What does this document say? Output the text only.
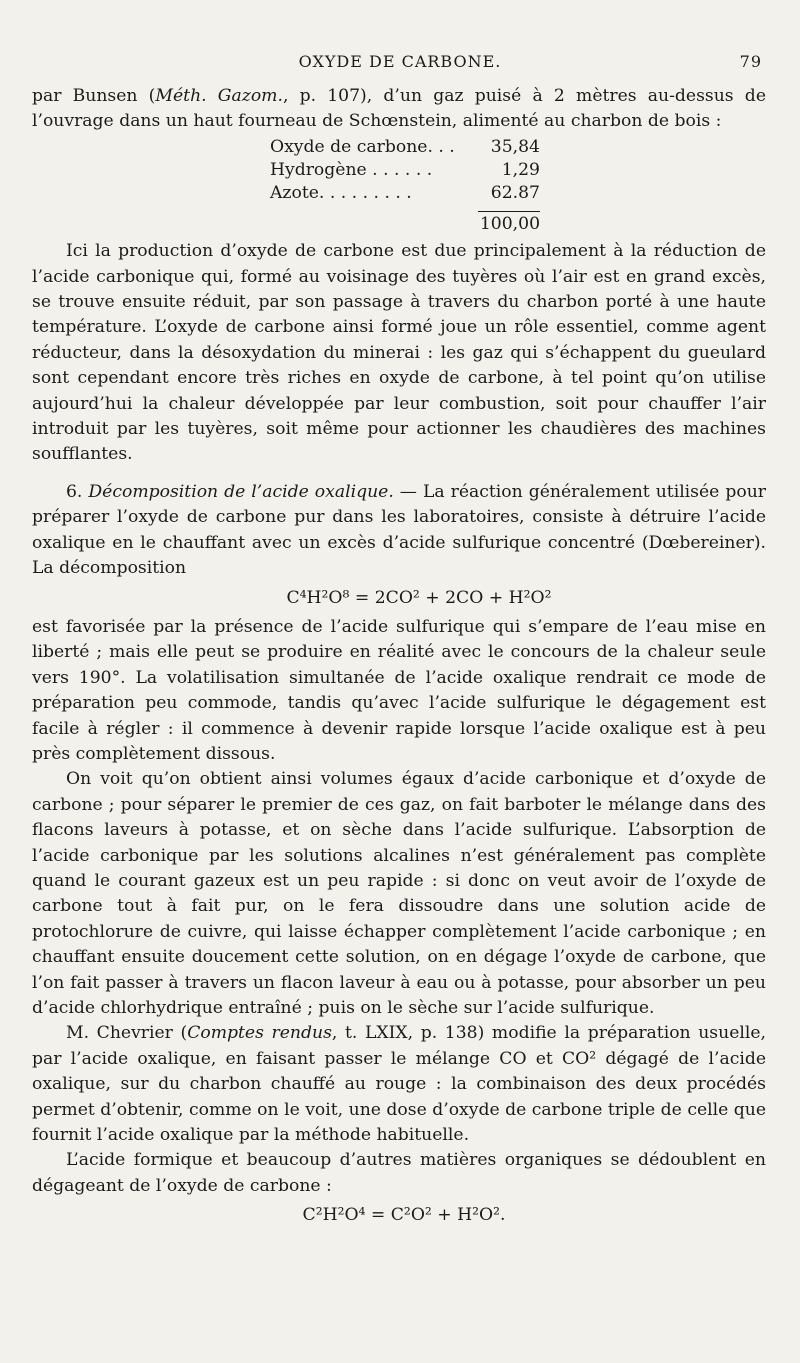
OXYDE DE CARBONE.	79

par Bunsen (Méth. Gazom., p. 107), d’un gaz puisé à 2 mètres au-dessus de l’ouvrage dans un haut fourneau de Schœnstein, alimenté au charbon de bois :

Oxyde de carbone. . .	35,84
Hydrogène . . . . . .	1,29
Azote. . . . . . . . .	62.87
100,00

Ici la production d’oxyde de carbone est due principalement à la réduction de l’acide carbonique qui, formé au voisinage des tuyères où l’air est en grand excès, se trouve ensuite réduit, par son passage à travers du charbon porté à une haute température. L’oxyde de carbone ainsi formé joue un rôle essentiel, comme agent réducteur, dans la désoxydation du minerai : les gaz qui s’échappent du gueulard sont cependant encore très riches en oxyde de carbone, à tel point qu’on utilise aujourd’hui la chaleur développée par leur combustion, soit pour chauffer l’air introduit par les tuyères, soit même pour actionner les chaudières des machines soufflantes.

6. Décomposition de l’acide oxalique. — La réaction généralement utilisée pour préparer l’oxyde de carbone pur dans les laboratoires, consiste à détruire l’acide oxalique en le chauffant avec un excès d’acide sulfurique concentré (Dœbereiner). La décomposition

C⁴H²O⁸ = 2CO² + 2CO + H²O²

est favorisée par la présence de l’acide sulfurique qui s’empare de l’eau mise en liberté ; mais elle peut se produire en réalité avec le concours de la chaleur seule vers 190°. La volatilisation simultanée de l’acide oxalique rendrait ce mode de préparation peu commode, tandis qu’avec l’acide sulfurique le dégagement est facile à régler : il commence à devenir rapide lorsque l’acide oxalique est à peu près complètement dissous.

On voit qu’on obtient ainsi volumes égaux d’acide carbonique et d’oxyde de carbone ; pour séparer le premier de ces gaz, on fait barboter le mélange dans des flacons laveurs à potasse, et on sèche dans l’acide sulfurique. L’absorption de l’acide carbonique par les solutions alcalines n’est généralement pas complète quand le courant gazeux est un peu rapide : si donc on veut avoir de l’oxyde de carbone tout à fait pur, on le fera dissoudre dans une solution acide de protochlorure de cuivre, qui laisse échapper complètement l’acide carbonique ; en chauffant ensuite doucement cette solution, on en dégage l’oxyde de carbone, que l’on fait passer à travers un flacon laveur à eau ou à potasse, pour absorber un peu d’acide chlorhydrique entraîné ; puis on le sèche sur l’acide sulfurique.

M. Chevrier (Comptes rendus, t. LXIX, p. 138) modifie la préparation usuelle, par l’acide oxalique, en faisant passer le mélange CO et CO² dégagé de l’acide oxalique, sur du charbon chauffé au rouge : la combinaison des deux procédés permet d’obtenir, comme on le voit, une dose d’oxyde de carbone triple de celle que fournit l’acide oxalique par la méthode habituelle.

L’acide formique et beaucoup d’autres matières organiques se dédoublent en dégageant de l’oxyde de carbone :

C²H²O⁴ = C²O² + H²O².
